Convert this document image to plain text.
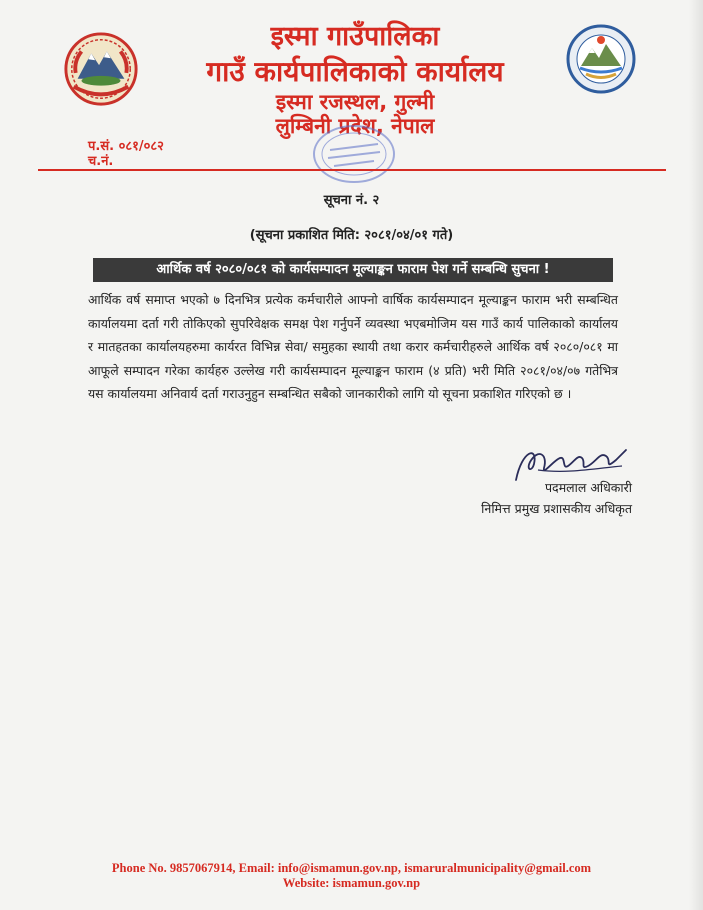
इस्मा गाउँपालिका
गाउँ कार्यपालिकाको कार्यालय
इस्मा रजस्थल, गुल्मी
लुम्बिनी प्रदेश, नेपाल
प.सं. ०८१/०८२
च.नं.
सूचना नं. २
(सूचना प्रकाशित मिति: २०८१/०४/०१ गते)
आर्थिक वर्ष २०८०/०८१ को कार्यसम्पादन मूल्याङ्कन फाराम पेश गर्ने सम्बन्धि सुचना !
आर्थिक वर्ष समाप्त भएको ७ दिनभित्र प्रत्येक कर्मचारीले आफ्नो वार्षिक कार्यसम्पादन मूल्याङ्कन फाराम भरी सम्बन्धित कार्यालयमा दर्ता गरी तोकिएको सुपरिवेक्षक समक्ष पेश गर्नुपर्ने व्यवस्था भएबमोजिम यस गाउँ कार्य पालिकाको कार्यालय र मातहतका कार्यालयहरुमा कार्यरत विभिन्न सेवा/ समुहका स्थायी तथा करार कर्मचारीहरुले आर्थिक वर्ष २०८०/०८१ मा आफूले सम्पादन गरेका कार्यहरु उल्लेख गरी कार्यसम्पादन मूल्याङ्कन फाराम (४ प्रति) भरी मिति २०८१/०४/०७ गतेभित्र यस कार्यालयमा अनिवार्य दर्ता गराउनुहुन सम्बन्धित सबैको जानकारीको लागि यो सूचना प्रकाशित गरिएको छ ।
पदमलाल अधिकारी
निमित्त प्रमुख प्रशासकीय अधिकृत
Phone No. 9857067914, Email: info@ismamun.gov.np, ismaruralmunicipality@gmail.com
Website: ismamun.gov.np
